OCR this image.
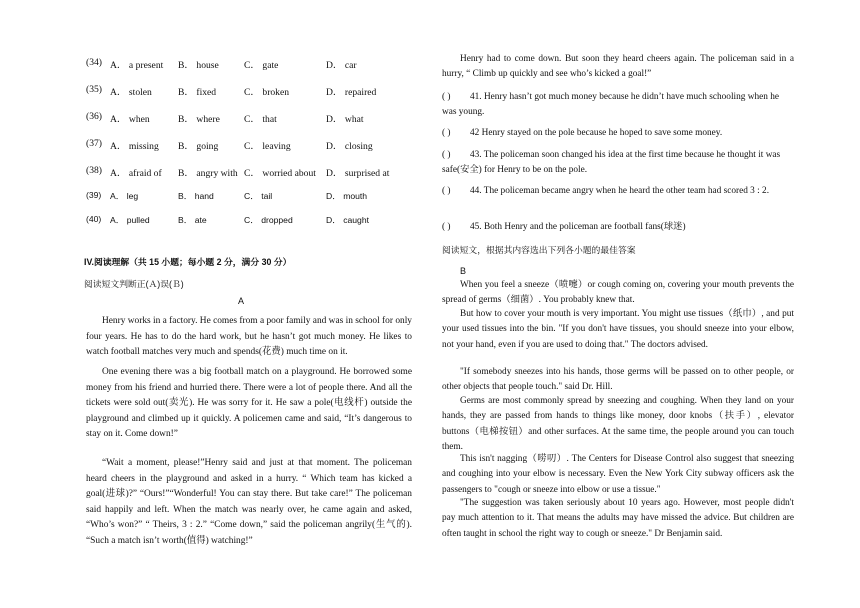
(34) A． a present	B． house	C． gate	D． car
(35) A． stolen	B． fixed	C． broken	D． repaired
(36) A． when	B． where	C． that	D． what
(37) A． missing	B． going	C． leaving	D． closing
(38) A． afraid of	B． angry with C． worried about	D． surprised at
(39)	A． leg	B． hand	C． tail	D． mouth
(40)	A． pulled	B． ate	C． dropped	D． caught
IV.阅读理解（共 15 小题；每小题 2 分，满分 30 分）
阅读短文判断正(Ａ)误(Ｂ)
A

Henry works in a factory. He comes from a poor family and was in school for only four years. He has to do the hard work, but he hasn’t got much money. He likes to watch football matches very much and spends(花费) much time on it.

One evening there was a big football match on a playground. He borrowed some money from his friend and hurried there. There were a lot of people there. And all the tickets were sold out(卖光). He was sorry for it. He saw a pole(电线杆) outside the playground and climbed up it quickly. A policemen came and said, “It’s dangerous to stay on it. Come down!”

“Wait a moment, please!”Henry said and just at that moment. The policeman heard cheers in the playground and asked in a hurry. “ Which team has kicked a goal(进球)?” “Ours!”“Wonderful! You can stay there. But take care!” The policeman said happily and left. When the match was nearly over, he came again and asked, “Who’s won?” “ Theirs, 3 : 2.” “Come down,” said the policeman angrily(生气的). “Such a match isn’t worth(值得) watching!”

Henry had to come down. But soon they heard cheers again. The policeman said in a hurry, “ Climb up quickly and see who’s kicked a goal!”

( ) 41. Henry hasn’t got much money because he didn’t have much schooling when he was young.

( ) 42 Henry stayed on the pole because he hoped to save some money.

( ) 43. The policeman soon changed his idea at the first time because he thought it was safe(安全) for Henry to be on the pole.

( ) 44. The policeman became angry when he heard the other team had scored 3 : 2.

( ) 45. Both Henry and the policeman are football fans(球迷)

阅读短文，根据其内容选出下列各小题的最佳答案
B

When you feel a sneeze（喷嚏）or cough coming on, covering your mouth prevents the spread of germs（细菌）. You probably knew that.

But how to cover your mouth is very important. You might use tissues（纸巾）, and put your used tissues into the bin. "If you don't have tissues, you should sneeze into your elbow, not your hand, even if you are used to doing that." The doctors advised.

"If somebody sneezes into his hands, those germs will be passed on to other people, or other objects that people touch." said Dr. Hill.

Germs are most commonly spread by sneezing and coughing. When they land on your hands, they are passed from hands to things like money, door knobs（扶手）, elevator buttons（电梯按钮）and other surfaces. At the same time, the people around you can touch them.

This isn't nagging（唠叨）. The Centers for Disease Control also suggest that sneezing and coughing into your elbow is necessary. Even the New York City subway officers ask the passengers to "cough or sneeze into elbow or use a tissue."

"The suggestion was taken seriously about 10 years ago. However, most people didn't pay much attention to it. That means the adults may have missed the advice. But children are often taught in school the right way to cough or sneeze." Dr Benjamin said.
